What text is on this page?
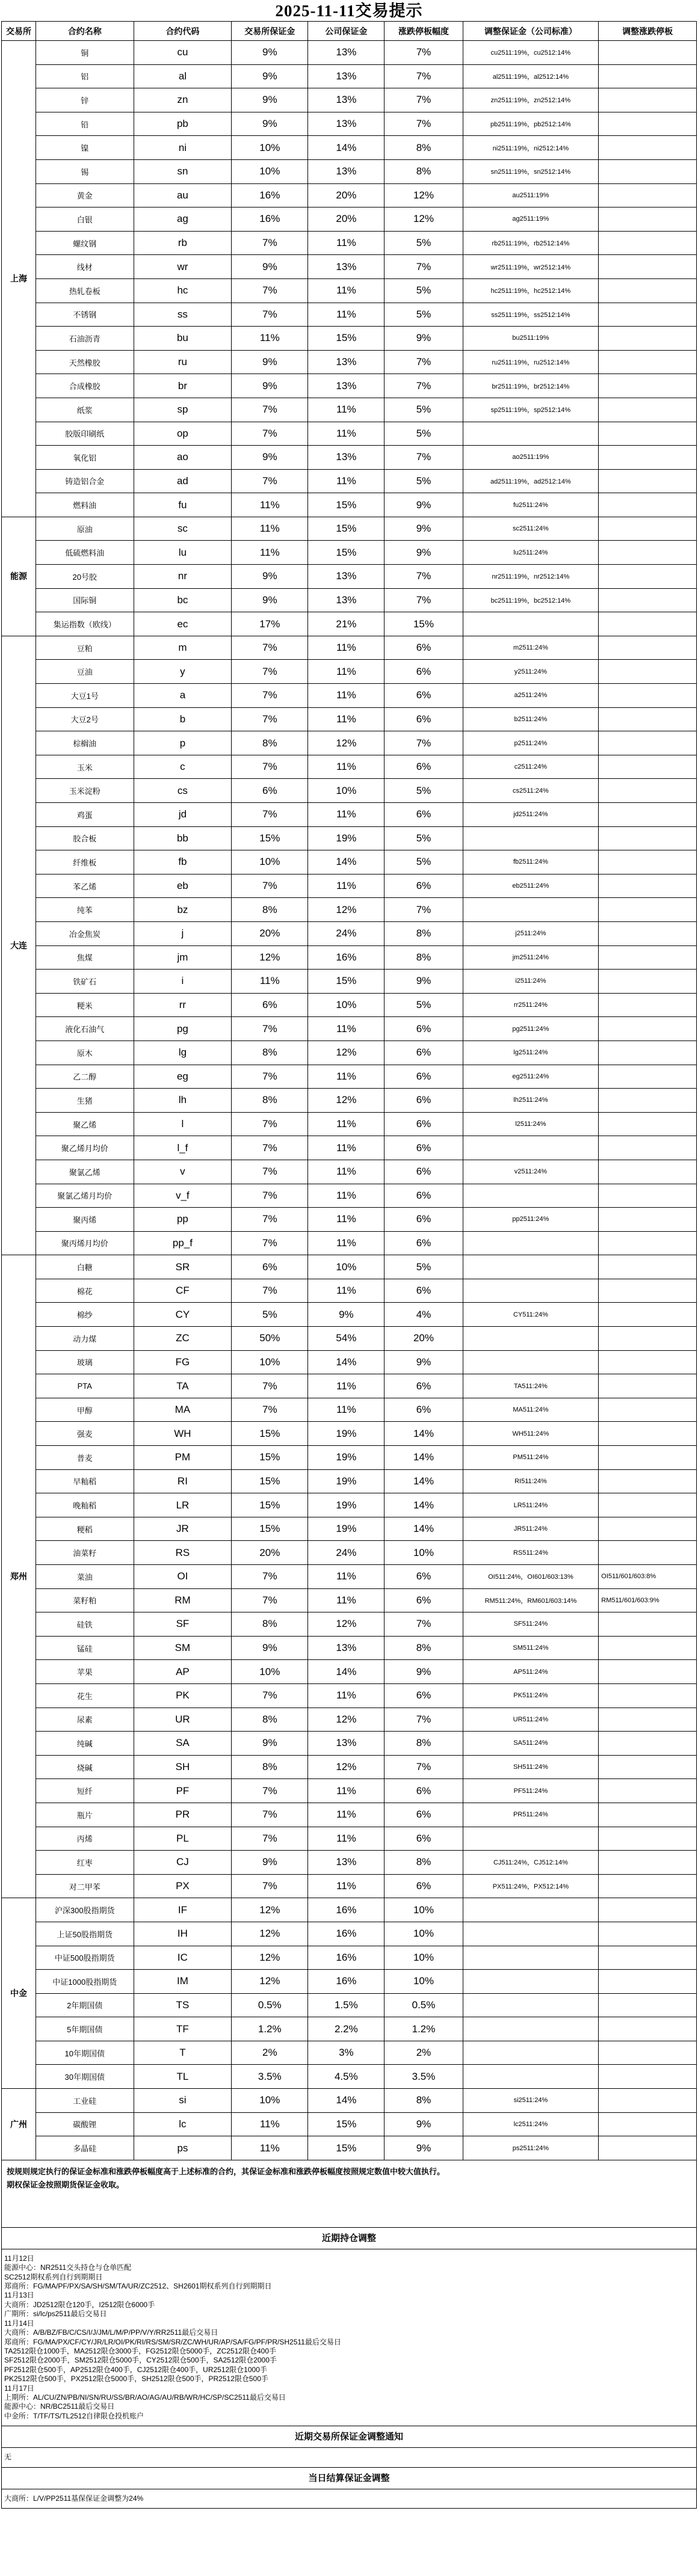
2025-11-11交易提示
交易所	合约名称	合约代码	交易所保证金	公司保证金	涨跌停板幅度	调整保证金（公司标准）	调整涨跌停板
上海	铜	cu	9%	13%	7%	cu2511:19%，cu2512:14%	
	铝	al	9%	13%	7%	al2511:19%，al2512:14%	
	锌	zn	9%	13%	7%	zn2511:19%，zn2512:14%	
	铅	pb	9%	13%	7%	pb2511:19%，pb2512:14%	
	镍	ni	10%	14%	8%	ni2511:19%，ni2512:14%	
	锡	sn	10%	13%	8%	sn2511:19%，sn2512:14%	
	黄金	au	16%	20%	12%	au2511:19%	
	白银	ag	16%	20%	12%	ag2511:19%	
	螺纹钢	rb	7%	11%	5%	rb2511:19%，rb2512:14%	
	线材	wr	9%	13%	7%	wr2511:19%，wr2512:14%	
	热轧卷板	hc	7%	11%	5%	hc2511:19%，hc2512:14%	
	不锈钢	ss	7%	11%	5%	ss2511:19%，ss2512:14%	
	石油沥青	bu	11%	15%	9%	bu2511:19%	
	天然橡胶	ru	9%	13%	7%	ru2511:19%，ru2512:14%	
	合成橡胶	br	9%	13%	7%	br2511:19%，br2512:14%	
	纸浆	sp	7%	11%	5%	sp2511:19%，sp2512:14%	
	胶版印刷纸	op	7%	11%	5%		
	氧化铝	ao	9%	13%	7%	ao2511:19%	
	铸造铝合金	ad	7%	11%	5%	ad2511:19%，ad2512:14%	
	燃料油	fu	11%	15%	9%	fu2511:24%	
能源	原油	sc	11%	15%	9%	sc2511:24%	
	低硫燃料油	lu	11%	15%	9%	lu2511:24%	
	20号胶	nr	9%	13%	7%	nr2511:19%，nr2512:14%	
	国际铜	bc	9%	13%	7%	bc2511:19%，bc2512:14%	
	集运指数（欧线）	ec	17%	21%	15%		
大连	豆粕	m	7%	11%	6%	m2511:24%	
	豆油	y	7%	11%	6%	y2511:24%	
	大豆1号	a	7%	11%	6%	a2511:24%	
	大豆2号	b	7%	11%	6%	b2511:24%	
	棕榈油	p	8%	12%	7%	p2511:24%	
	玉米	c	7%	11%	6%	c2511:24%	
	玉米淀粉	cs	6%	10%	5%	cs2511:24%	
	鸡蛋	jd	7%	11%	6%	jd2511:24%	
	胶合板	bb	15%	19%	5%		
	纤维板	fb	10%	14%	5%	fb2511:24%	
	苯乙烯	eb	7%	11%	6%	eb2511:24%	
	纯苯	bz	8%	12%	7%		
	冶金焦炭	j	20%	24%	8%	j2511:24%	
	焦煤	jm	12%	16%	8%	jm2511:24%	
	铁矿石	i	11%	15%	9%	i2511:24%	
	粳米	rr	6%	10%	5%	rr2511:24%	
	液化石油气	pg	7%	11%	6%	pg2511:24%	
	原木	lg	8%	12%	6%	lg2511:24%	
	乙二醇	eg	7%	11%	6%	eg2511:24%	
	生猪	lh	8%	12%	6%	lh2511:24%	
	聚乙烯	l	7%	11%	6%	l2511:24%	
	聚乙烯月均价	l_f	7%	11%	6%		
	聚氯乙烯	v	7%	11%	6%	v2511:24%	
	聚氯乙烯月均价	v_f	7%	11%	6%		
	聚丙烯	pp	7%	11%	6%	pp2511:24%	
	聚丙烯月均价	pp_f	7%	11%	6%		
郑州	白糖	SR	6%	10%	5%		
	棉花	CF	7%	11%	6%		
	棉纱	CY	5%	9%	4%	CY511:24%	
	动力煤	ZC	50%	54%	20%		
	玻璃	FG	10%	14%	9%		
	PTA	TA	7%	11%	6%	TA511:24%	
	甲醇	MA	7%	11%	6%	MA511:24%	
	强麦	WH	15%	19%	14%	WH511:24%	
	普麦	PM	15%	19%	14%	PM511:24%	
	早籼稻	RI	15%	19%	14%	RI511:24%	
	晚籼稻	LR	15%	19%	14%	LR511:24%	
	粳稻	JR	15%	19%	14%	JR511:24%	
	油菜籽	RS	20%	24%	10%	RS511:24%	
	菜油	OI	7%	11%	6%	OI511:24%，OI601/603:13%	OI511/601/603:8%
	菜籽粕	RM	7%	11%	6%	RM511:24%，RM601/603:14%	RM511/601/603:9%
	硅铁	SF	8%	12%	7%	SF511:24%	
	锰硅	SM	9%	13%	8%	SM511:24%	
	苹果	AP	10%	14%	9%	AP511:24%	
	花生	PK	7%	11%	6%	PK511:24%	
	尿素	UR	8%	12%	7%	UR511:24%	
	纯碱	SA	9%	13%	8%	SA511:24%	
	烧碱	SH	8%	12%	7%	SH511:24%	
	短纤	PF	7%	11%	6%	PF511:24%	
	瓶片	PR	7%	11%	6%	PR511:24%	
	丙烯	PL	7%	11%	6%		
	红枣	CJ	9%	13%	8%	CJ511:24%，CJ512:14%	
	对二甲苯	PX	7%	11%	6%	PX511:24%，PX512:14%	
中金	沪深300股指期货	IF	12%	16%	10%		
	上证50股指期货	IH	12%	16%	10%		
	中证500股指期货	IC	12%	16%	10%		
	中证1000股指期货	IM	12%	16%	10%		
	2年期国债	TS	0.5%	1.5%	0.5%		
	5年期国债	TF	1.2%	2.2%	1.2%		
	10年期国债	T	2%	3%	2%		
	30年期国债	TL	3.5%	4.5%	3.5%		
广州	工业硅	si	10%	14%	8%	si2511:24%	
	碳酸锂	lc	11%	15%	9%	lc2511:24%	
	多晶硅	ps	11%	15%	9%	ps2511:24%	

按规则规定执行的保证金标准和涨跌停板幅度高于上述标准的合约，其保证金标准和涨跌停板幅度按照规定数值中较大值执行。

期权保证金按照期货保证金收取。

近期持仓调整

11月12日

能源中心：NR2511交头持仓与仓单匹配

SC2512期权系列自行到期期日

郑商所：FG/MA/PF/PX/SA/SH/SM/TA/UR/ZC2512、SH2601期权系列自行到期期日

11月13日

大商所：JD2512限仓120手，I2512限仓6000手

广期所：si/lc/ps2511最后交易日

11月14日

大商所：A/B/BZ/FB/C/CS/I/J/JM/L/M/P/PP/V/Y/RR2511最后交易日

郑商所：FG/MA/PX/CF/CY/JR/LR/OI/PK/RI/RS/SM/SR/ZC/WH/UR/AP/SA/FG/PF/PR/SH2511最后交易日

TA2512限仓1000手，MA2512限仓3000手，FG2512限仓5000手，ZC2512限仓400手

SF2512限仓2000手，SM2512限仓5000手，CY2512限仓500手，SA2512限仓2000手

PF2512限仓500手，AP2512限仓400手，CJ2512限仓400手，UR2512限仓1000手

PK2512限仓500手，PX2512限仓5000手，SH2512限仓500手，PR2512限仓500手

11月17日

上期所：AL/CU/ZN/PB/NI/SN/RU/SS/BR/AO/AG/AU/RB/WR/HC/SP/SC2511最后交易日

能源中心：NR/BC2511最后交易日

中金所：T/TF/TS/TL2512自律限仓投机账户

近期交易所保证金调整通知

无

当日结算保证金调整

大商所：L/V/PP2511基保保证金调整为24%
